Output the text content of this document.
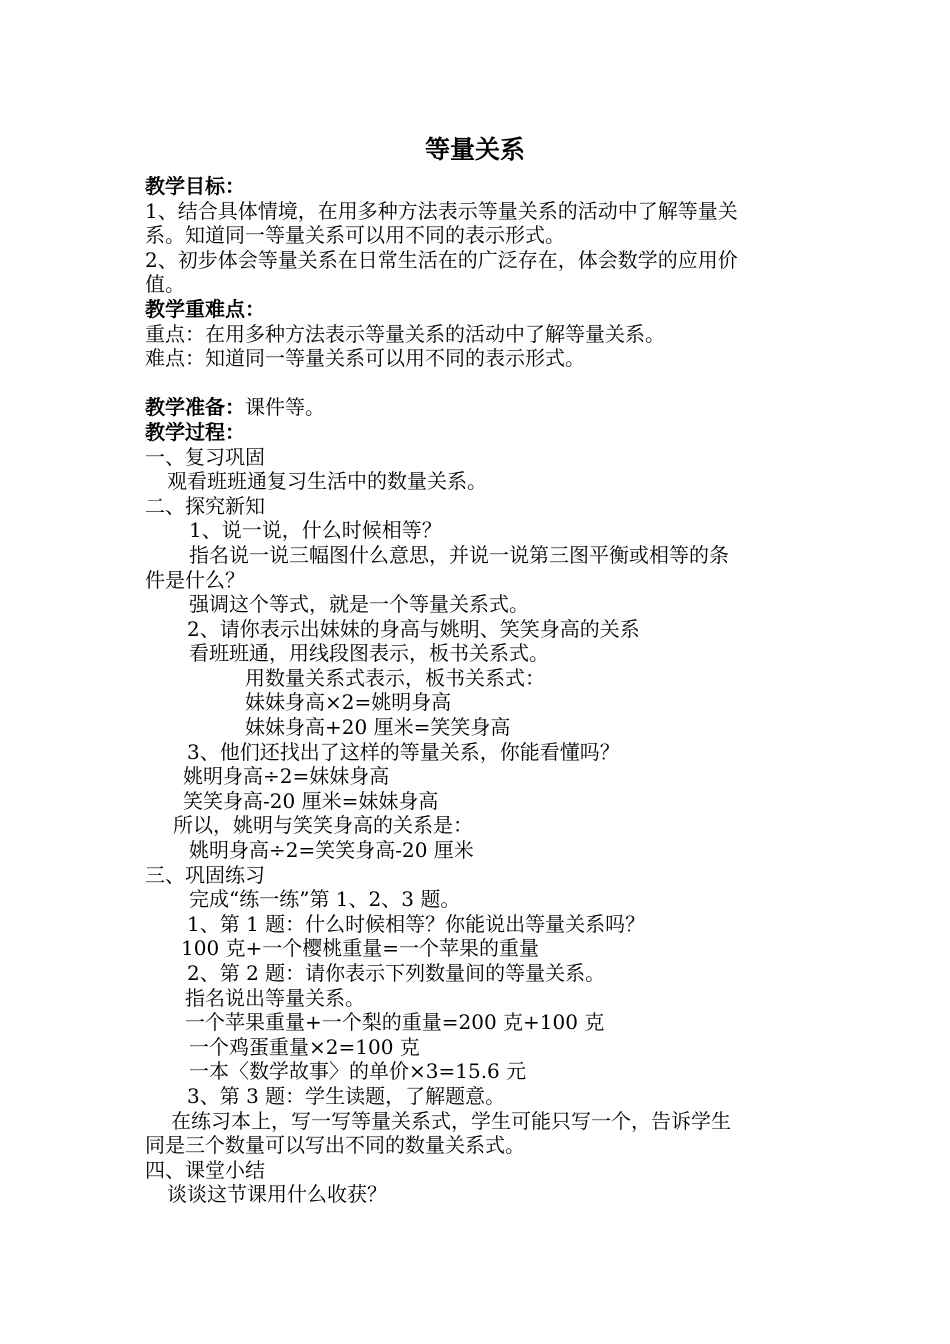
等量关系
教学目标：
1、结合具体情境，在用多种方法表示等量关系的活动中了解等量关
系。知道同一等量关系可以用不同的表示形式。
2、初步体会等量关系在日常生活在的广泛存在，体会数学的应用价
值。
教学重难点：
重点：在用多种方法表示等量关系的活动中了解等量关系。
难点：知道同一等量关系可以用不同的表示形式。
教学准备：课件等。
教学过程：
一、复习巩固
观看班班通复习生活中的数量关系。
二、探究新知
1、说一说，什么时候相等？
指名说一说三幅图什么意思，并说一说第三图平衡或相等的条
件是什么？
强调这个等式，就是一个等量关系式。
2、请你表示出妹妹的身高与姚明、笑笑身高的关系
看班班通，用线段图表示，板书关系式。
用数量关系式表示，板书关系式：
妹妹身高×2=姚明身高
妹妹身高+20 厘米=笑笑身高
3、他们还找出了这样的等量关系，你能看懂吗？
姚明身高÷2=妹妹身高
笑笑身高-20 厘米=妹妹身高
所以，姚明与笑笑身高的关系是：
姚明身高÷2=笑笑身高-20 厘米
三、巩固练习
完成“练一练”第 1、2、3 题。
1、第 1 题：什么时候相等？你能说出等量关系吗？
100 克+一个樱桃重量=一个苹果的重量
2、第 2 题：请你表示下列数量间的等量关系。
指名说出等量关系。
一个苹果重量+一个梨的重量=200 克+100 克
一个鸡蛋重量×2=100 克
一本〈数学故事〉的单价×3=15.6 元
3、第 3 题：学生读题，了解题意。
在练习本上，写一写等量关系式，学生可能只写一个，告诉学生
同是三个数量可以写出不同的数量关系式。
四、课堂小结
谈谈这节课用什么收获？
